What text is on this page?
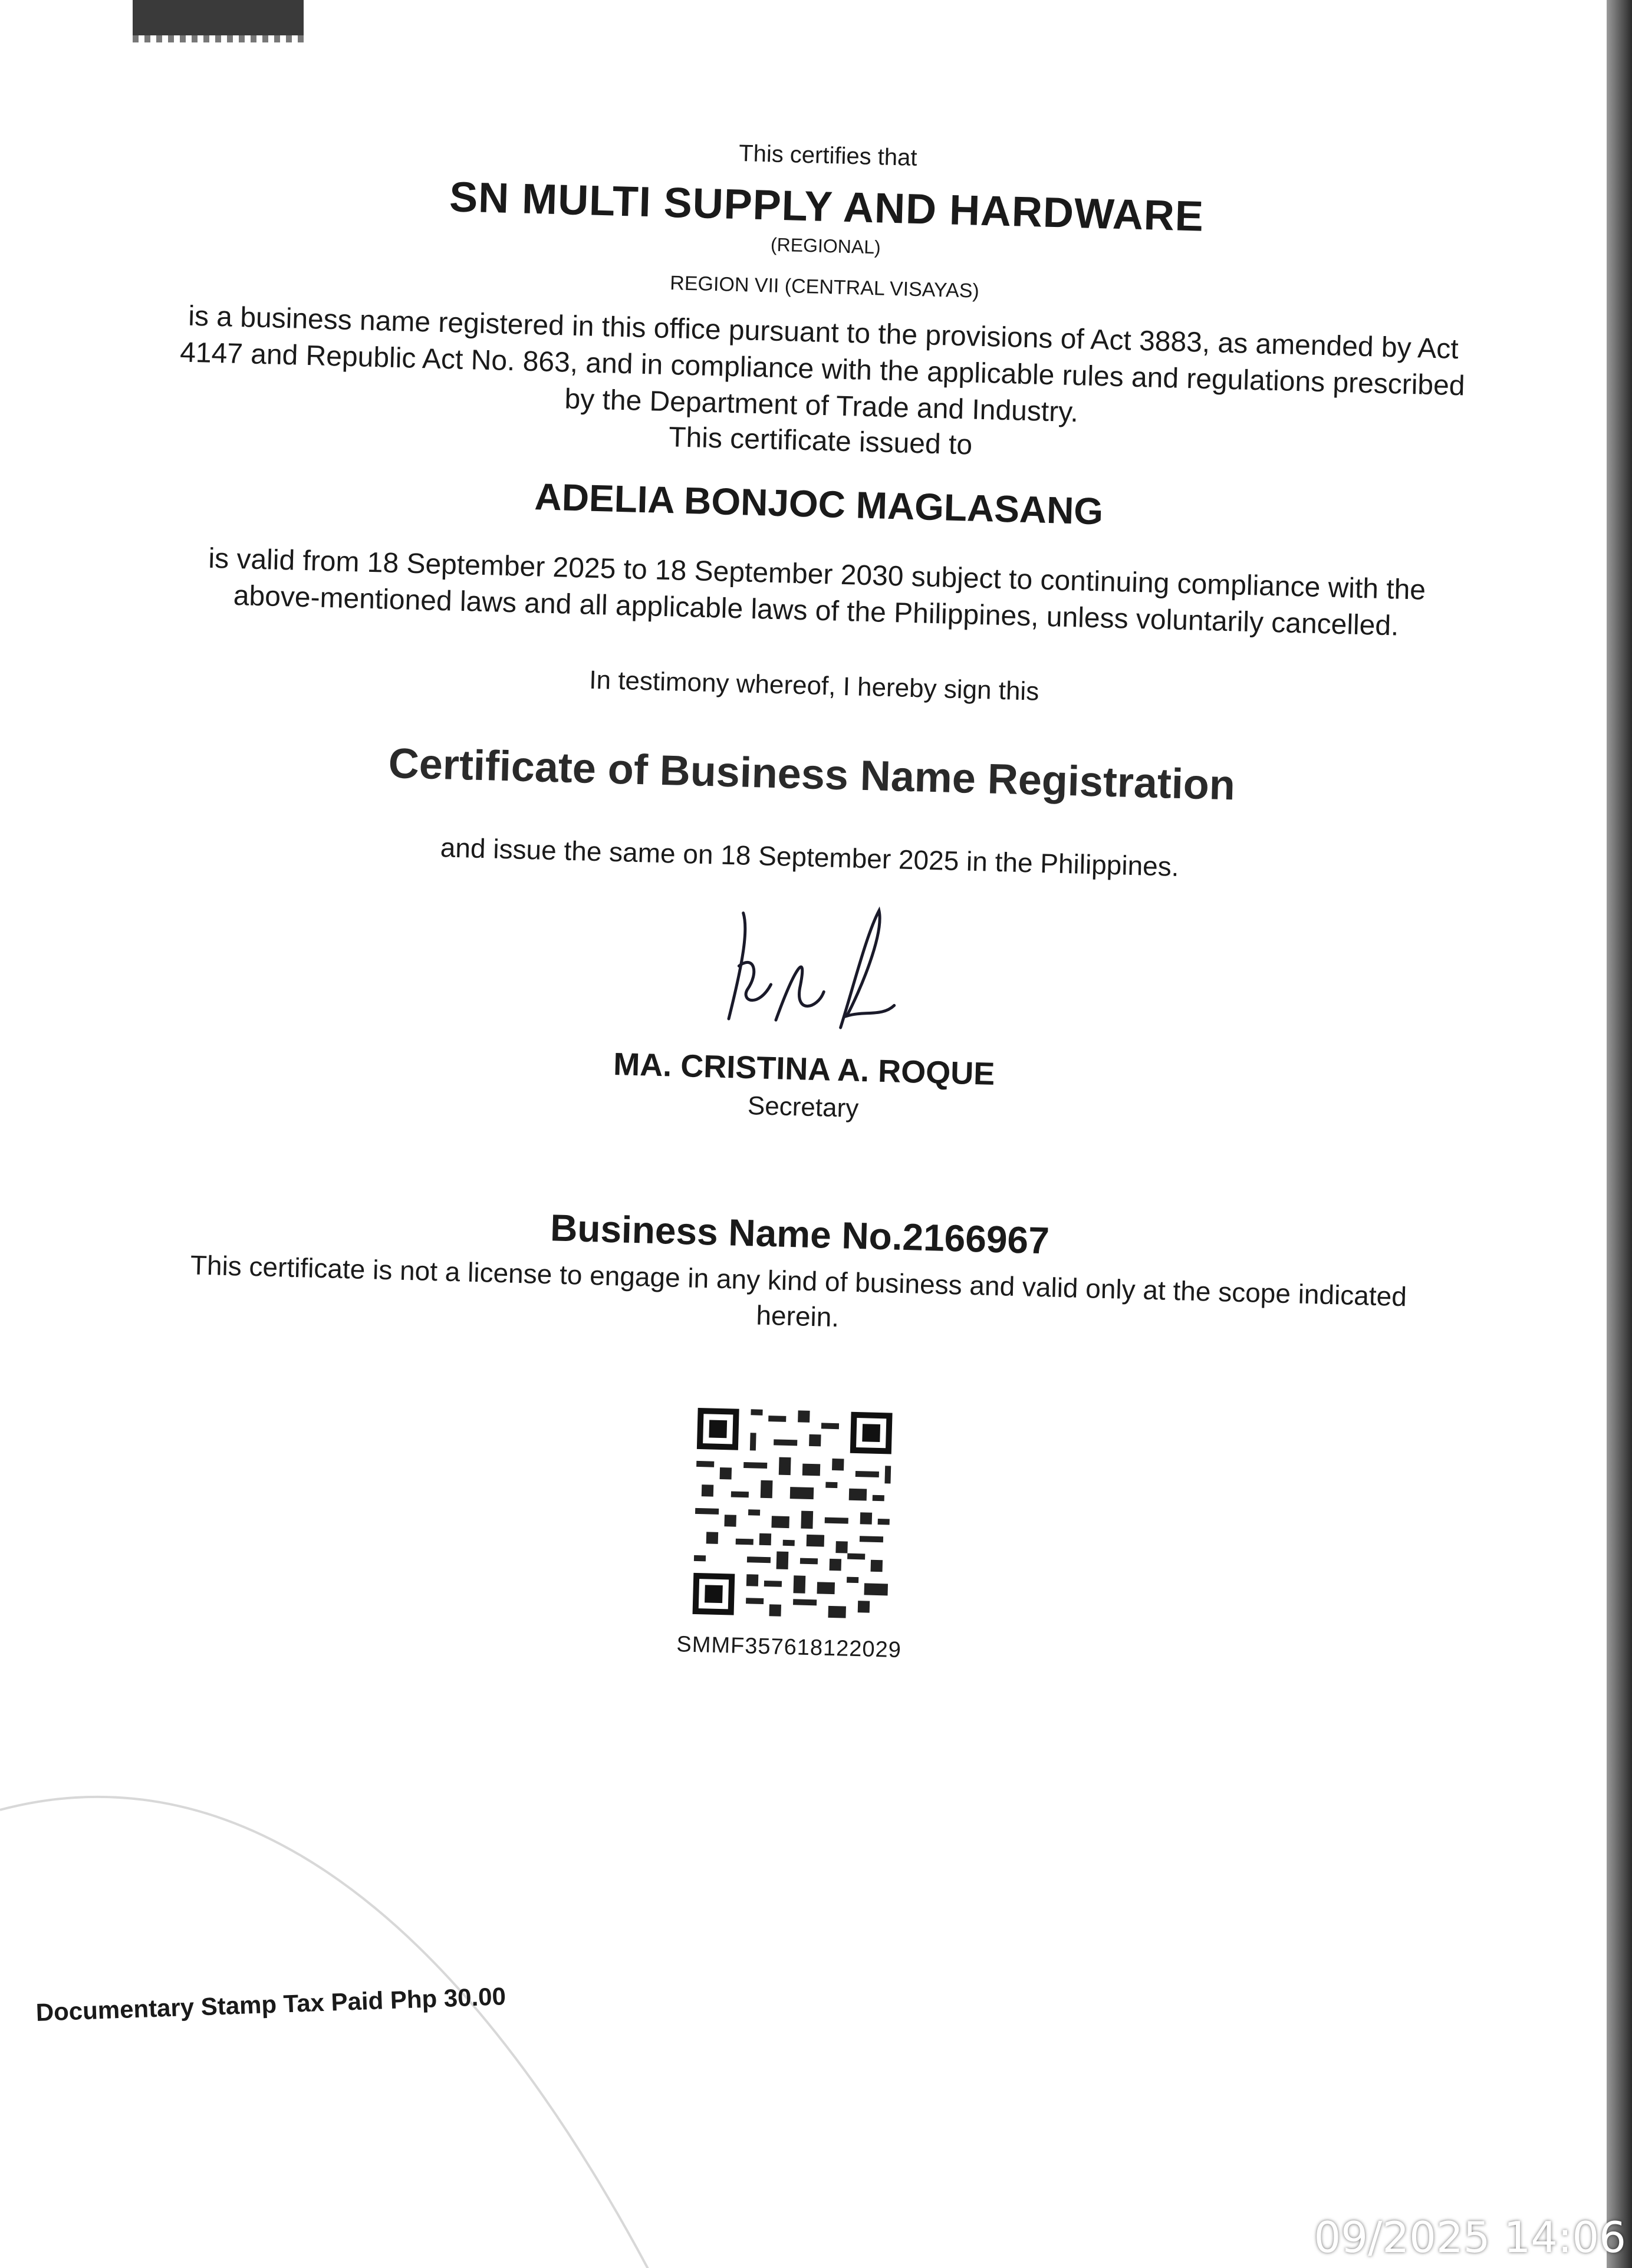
This certifies that
SN MULTI SUPPLY AND HARDWARE
(REGIONAL)
REGION VII (CENTRAL VISAYAS)
is a business name registered in this office pursuant to the provisions of Act 3883, as amended by Act 4147 and Republic Act No. 863, and in compliance with the applicable rules and regulations prescribed by the Department of Trade and Industry.
This certificate issued to
ADELIA BONJOC MAGLASANG
is valid from 18 September 2025 to 18 September 2030 subject to continuing compliance with the above-mentioned laws and all applicable laws of the Philippines, unless voluntarily cancelled.
In testimony whereof, I hereby sign this
Certificate of Business Name Registration
and issue the same on 18 September 2025 in the Philippines.
MA. CRISTINA A. ROQUE
Secretary
Business Name No.2166967
This certificate is not a license to engage in any kind of business and valid only at the scope indicated herein.
SMMF357618122029
Documentary Stamp Tax Paid Php 30.00
09/2025 14:06
